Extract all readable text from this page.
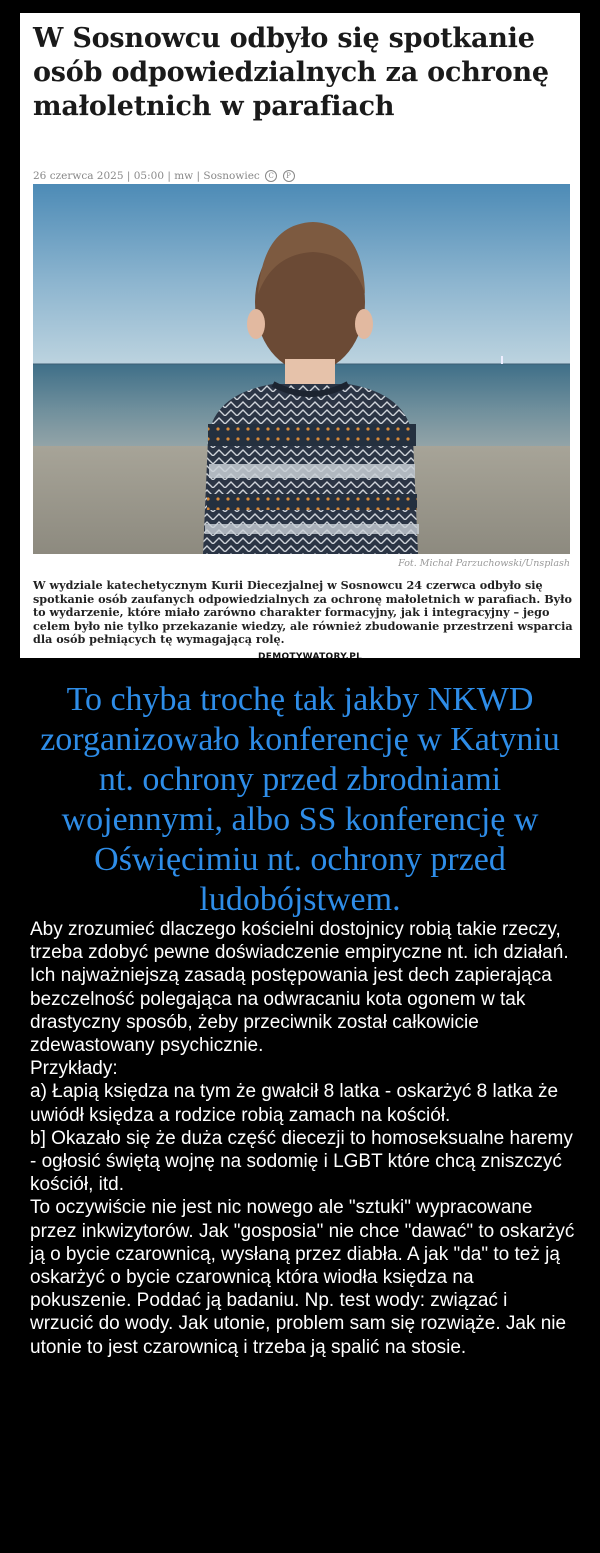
W Sosnowcu odbyło się spotkanie osób odpowiedzialnych za ochronę małoletnich w parafiach
26 czerwca 2025 | 05:00 | mw | Sosnowiec C P
Fot. Michał Parzuchowski/Unsplash

W wydziale katechetycznym Kurii Diecezjalnej w Sosnowcu 24 czerwca odbyło się spotkanie osób zaufanych odpowiedzialnych za ochronę małoletnich w parafiach. Było to wydarzenie, które miało zarówno charakter formacyjny, jak i integracyjny – jego celem było nie tylko przekazanie wiedzy, ale również zbudowanie przestrzeni wsparcia dla osób pełniących tę wymagającą rolę.

DEMOTYWATORY.PL
To chyba trochę tak jakby NKWD zorganizowało konferencję w Katyniu nt. ochrony przed zbrodniami wojennymi, albo SS konferencję w Oświęcimiu nt. ochrony przed ludobójstwem.

Aby zrozumieć dlaczego kościelni dostojnicy robią takie rzeczy, trzeba zdobyć pewne doświadczenie empiryczne nt. ich działań.
Ich najważniejszą zasadą postępowania jest dech zapierająca bezczelność polegająca na odwracaniu kota ogonem w tak drastyczny sposób, żeby przeciwnik został całkowicie zdewastowany psychicznie.
Przykłady:
a) Łapią księdza na tym że gwałcił 8 latka - oskarżyć 8 latka że uwiódł księdza a rodzice robią zamach na kościół.
b] Okazało się że duża część diecezji to homoseksualne haremy - ogłosić świętą wojnę na sodomię i LGBT które chcą zniszczyć kościół, itd.
To oczywiście nie jest nic nowego ale "sztuki" wypracowane przez inkwizytorów. Jak "gosposia" nie chce "dawać" to oskarżyć ją o bycie czarownicą, wysłaną przez diabła. A jak "da" to też ją oskarżyć o bycie czarownicą która wiodła księdza na pokuszenie. Poddać ją badaniu. Np. test wody: związać i wrzucić do wody. Jak utonie, problem sam się rozwiąże. Jak nie utonie to jest czarownicą i trzeba ją spalić na stosie.
